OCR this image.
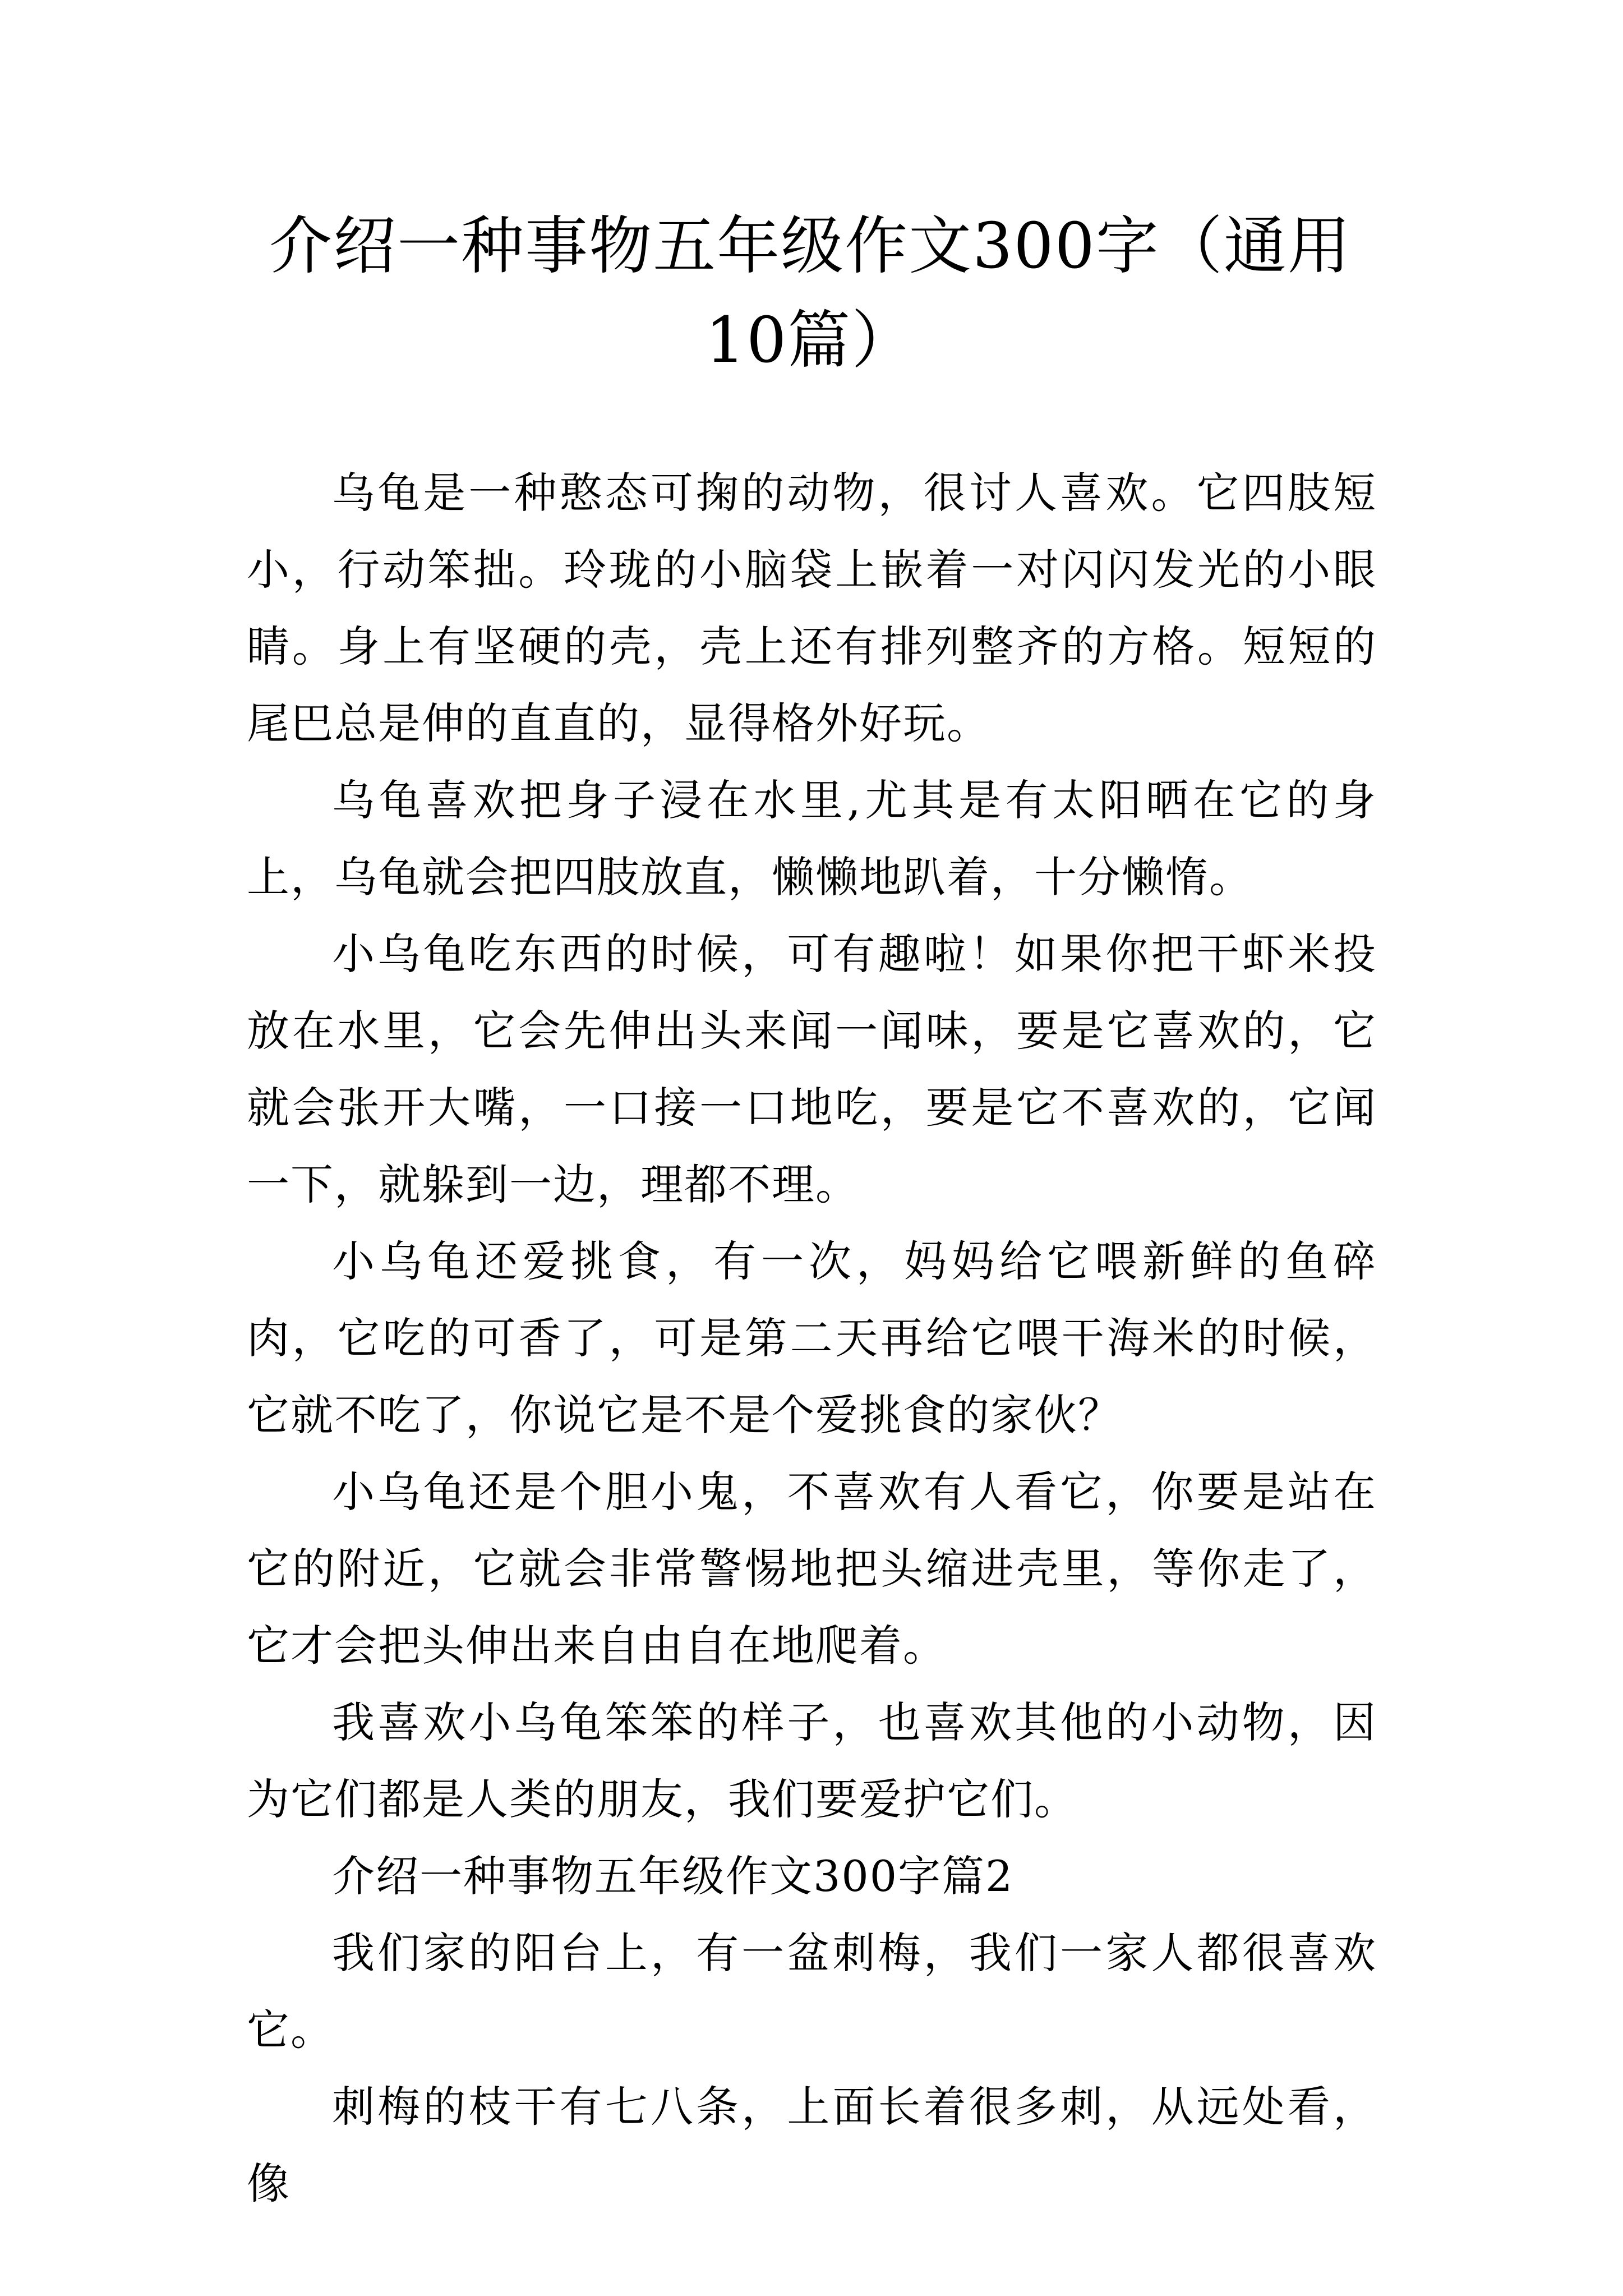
介绍一种事物五年级作文300字（通用10篇）

乌龟是一种憨态可掬的动物，很讨人喜欢。它四肢短小，行动笨拙。玲珑的小脑袋上嵌着一对闪闪发光的小眼睛。身上有坚硬的壳，壳上还有排列整齐的方格。短短的尾巴总是伸的直直的，显得格外好玩。

乌龟喜欢把身子浸在水里,尤其是有太阳晒在它的身上，乌龟就会把四肢放直，懒懒地趴着，十分懒惰。

小乌龟吃东西的时候，可有趣啦！如果你把干虾米投放在水里，它会先伸出头来闻一闻味，要是它喜欢的，它就会张开大嘴，一口接一口地吃，要是它不喜欢的，它闻一下，就躲到一边，理都不理。

小乌龟还爱挑食，有一次，妈妈给它喂新鲜的鱼碎肉，它吃的可香了，可是第二天再给它喂干海米的时候，它就不吃了，你说它是不是个爱挑食的家伙？

小乌龟还是个胆小鬼，不喜欢有人看它，你要是站在它的附近，它就会非常警惕地把头缩进壳里，等你走了，它才会把头伸出来自由自在地爬着。

我喜欢小乌龟笨笨的样子，也喜欢其他的小动物，因为它们都是人类的朋友，我们要爱护它们。

介绍一种事物五年级作文300字篇2

我们家的阳台上，有一盆刺梅，我们一家人都很喜欢它。

刺梅的枝干有七八条，上面长着很多刺，从远处看，像
